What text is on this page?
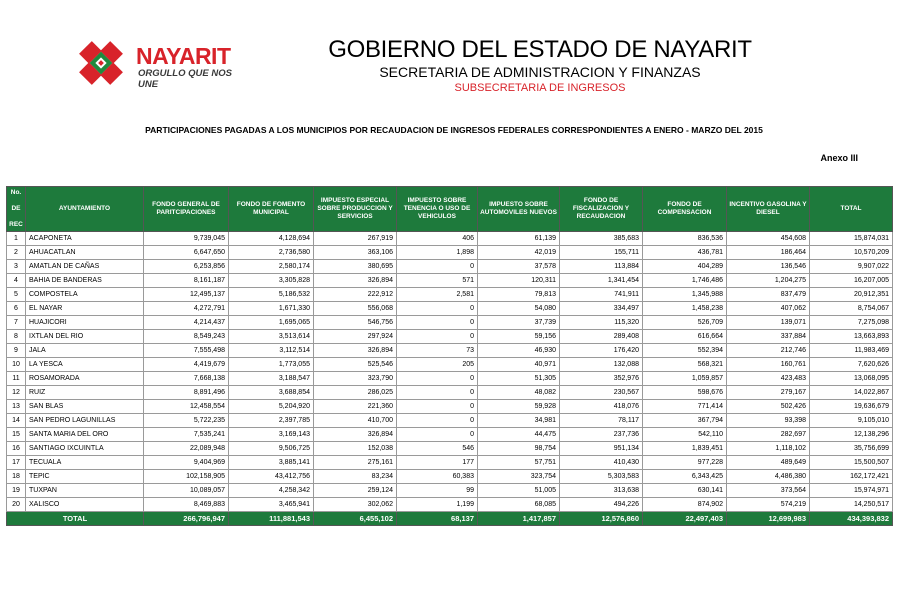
NAYARIT
ORGULLO QUE NOS UNE
GOBIERNO DEL ESTADO DE NAYARIT
SECRETARIA DE ADMINISTRACION Y FINANZAS
SUBSECRETARIA DE INGRESOS
PARTICIPACIONES PAGADAS A LOS MUNICIPIOS POR RECAUDACION DE INGRESOS FEDERALES CORRESPONDIENTES A ENERO - MARZO DEL 2015
Anexo III
No.

DE

REC	AYUNTAMIENTO	FONDO GENERAL DE PARITCIPACIONES	FONDO DE FOMENTO MUNICIPAL	IMPUESTO ESPECIAL SOBRE PRODUCCION Y SERVICIOS	IMPUESTO SOBRE TENENCIA O USO DE VEHICULOS	IMPUESTO SOBRE AUTOMOVILES NUEVOS	FONDO DE FISCALIZACION Y RECAUDACION	FONDO DE COMPENSACION	INCENTIVO GASOLINA Y DIESEL	TOTAL
1	ACAPONETA	9,739,045	4,128,694	267,919	406	61,139	385,683	836,536	454,608	15,874,031
2	AHUACATLAN	6,647,650	2,736,580	363,106	1,898	42,019	155,711	436,781	186,464	10,570,209
3	AMATLAN DE CAÑAS	6,253,856	2,580,174	380,695	0	37,578	113,884	404,289	136,546	9,907,022
4	BAHIA DE BANDERAS	8,161,187	3,305,828	326,894	571	120,311	1,341,454	1,746,486	1,204,275	16,207,005
5	COMPOSTELA	12,495,137	5,186,532	222,912	2,581	79,813	741,911	1,345,988	837,479	20,912,351
6	EL NAYAR	4,272,791	1,671,330	556,068	0	54,080	334,497	1,458,238	407,062	8,754,067
7	HUAJICORI	4,214,437	1,695,065	546,756	0	37,739	115,320	526,709	139,071	7,275,098
8	IXTLAN DEL RIO	8,549,243	3,513,614	297,924	0	59,156	289,408	616,664	337,884	13,663,893
9	JALA	7,555,498	3,112,514	326,894	73	46,930	176,420	552,394	212,746	11,983,469
10	LA YESCA	4,419,679	1,773,055	525,546	205	40,971	132,088	568,321	160,761	7,620,626
11	ROSAMORADA	7,668,138	3,188,547	323,790	0	51,305	352,976	1,059,857	423,483	13,068,095
12	RUIZ	8,891,496	3,688,854	286,025	0	48,082	230,567	598,676	279,167	14,022,867
13	SAN BLAS	12,458,554	5,204,920	221,360	0	59,928	418,076	771,414	502,426	19,636,679
14	SAN PEDRO LAGUNILLAS	5,722,235	2,397,785	410,700	0	34,981	78,117	367,794	93,398	9,105,010
15	SANTA MARIA DEL ORO	7,535,241	3,169,143	326,894	0	44,475	237,736	542,110	282,697	12,138,296
16	SANTIAGO IXCUINTLA	22,089,948	9,506,725	152,038	546	98,754	951,134	1,839,451	1,118,102	35,756,699
17	TECUALA	9,404,969	3,885,141	275,161	177	57,751	410,430	977,228	489,649	15,500,507
18	TEPIC	102,158,905	43,412,756	83,234	60,383	323,754	5,303,583	6,343,425	4,486,380	162,172,421
19	TUXPAN	10,089,057	4,258,342	259,124	99	51,005	313,638	630,141	373,564	15,974,971
20	XALISCO	8,469,883	3,465,941	302,062	1,199	68,085	494,226	874,902	574,219	14,250,517
TOTAL		266,796,947	111,881,543	6,455,102	68,137	1,417,857	12,576,860	22,497,403	12,699,983	434,393,832
